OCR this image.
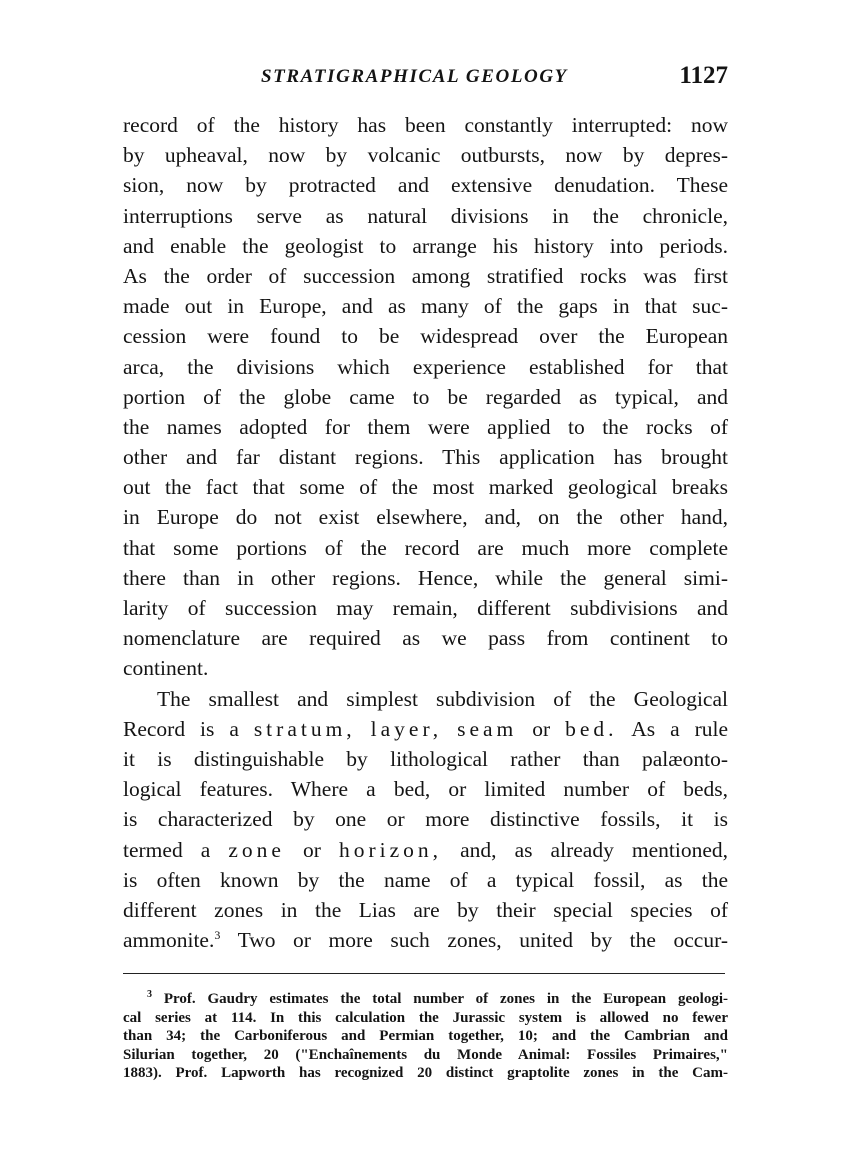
STRATIGRAPHICAL GEOLOGY	1127
record of the history has been constantly interrupted: now
by upheaval, now by volcanic outbursts, now by depres-
sion, now by protracted and extensive denudation. These
interruptions serve as natural divisions in the chronicle,
and enable the geologist to arrange his history into periods.
As the order of succession among stratified rocks was first
made out in Europe, and as many of the gaps in that suc-
cession were found to be widespread over the European
arca, the divisions which experience established for that
portion of the globe came to be regarded as typical, and
the names adopted for them were applied to the rocks of
other and far distant regions. This application has brought
out the fact that some of the most marked geological breaks
in Europe do not exist elsewhere, and, on the other hand,
that some portions of the record are much more complete
there than in other regions. Hence, while the general simi-
larity of succession may remain, different subdivisions and
nomenclature are required as we pass from continent to
continent.
The smallest and simplest subdivision of the Geological
Record is a stratum, layer, seam or bed. As a rule
it is distinguishable by lithological rather than palæonto-
logical features. Where a bed, or limited number of beds,
is characterized by one or more distinctive fossils, it is
termed a zone or horizon, and, as already mentioned,
is often known by the name of a typical fossil, as the
different zones in the Lias are by their special species of
ammonite.$^3$ Two or more such zones, united by the occur-
$^3$ Prof. Gaudry estimates the total number of zones in the European geologi-
cal series at 114. In this calculation the Jurassic system is allowed no fewer
than 34; the Carboniferous and Permian together, 10; and the Cambrian and
Silurian together, 20 ("Enchaînements du Monde Animal: Fossiles Primaires,"
1883). Prof. Lapworth has recognized 20 distinct graptolite zones in the Cam-
